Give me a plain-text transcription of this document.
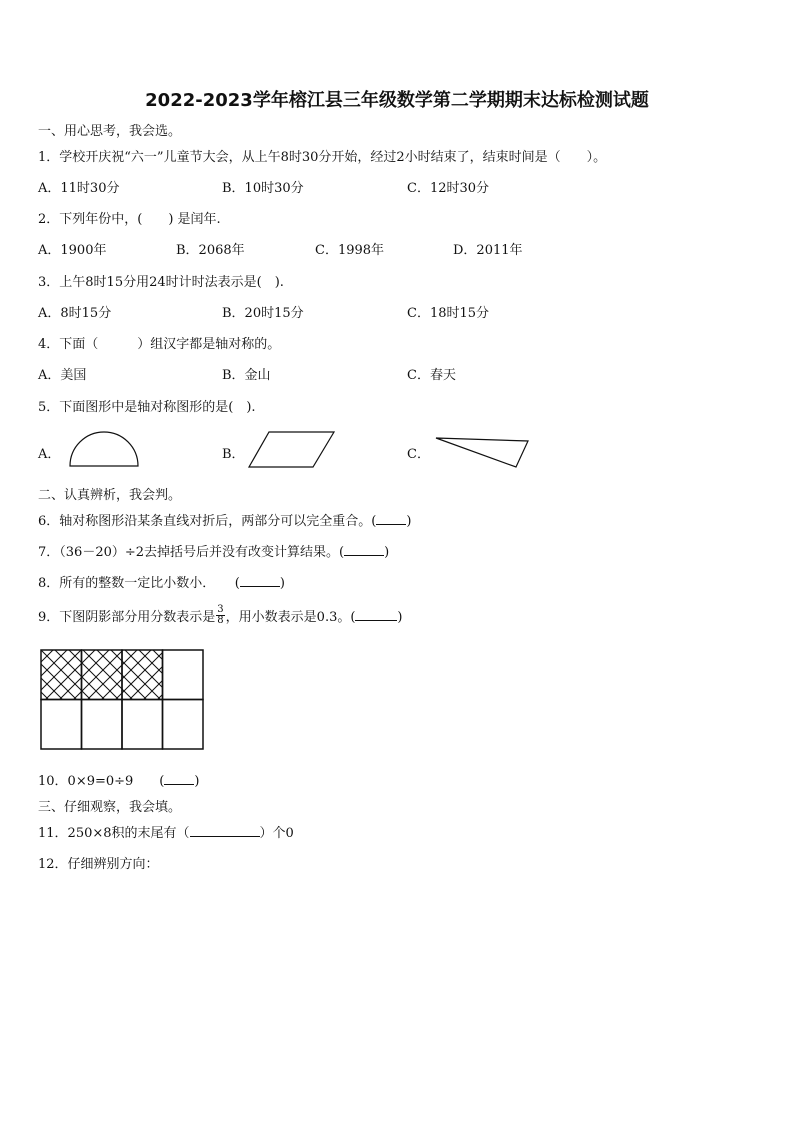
2022-2023学年榕江县三年级数学第二学期期末达标检测试题
一、用心思考，我会选。
1．学校开庆祝“六一”儿童节大会，从上午8时30分开始，经过2小时结束了，结束时间是（　　）。
A．11时30分	B．10时30分	C．12时30分
2．下列年份中，(　　) 是闰年.
A．1900年	B．2068年	C．1998年	D．2011年
3．上午8时15分用24时计时法表示是(　).
A．8时15分	B．20时15分	C．18时15分
4．下面（　　　）组汉字都是轴对称的。
A．美国	B．金山	C．春天
5．下面图形中是轴对称图形的是(　).
A．	B．	C．
二、认真辨析，我会判。
6．轴对称图形沿某条直线对折后，两部分可以完全重合。( )
7．（36－20）÷2去掉括号后并没有改变计算结果。(	)
8．所有的整数一定比小数小．　　(	)
9．下图阴影部分用分数表示是 $\frac{3}{8}$ ，用小数表示是0.3。(	)
10．0×9=0÷9　　( )
三、仔细观察，我会填。
11．250×8积的末尾有（	）个0
12．仔细辨别方向：
